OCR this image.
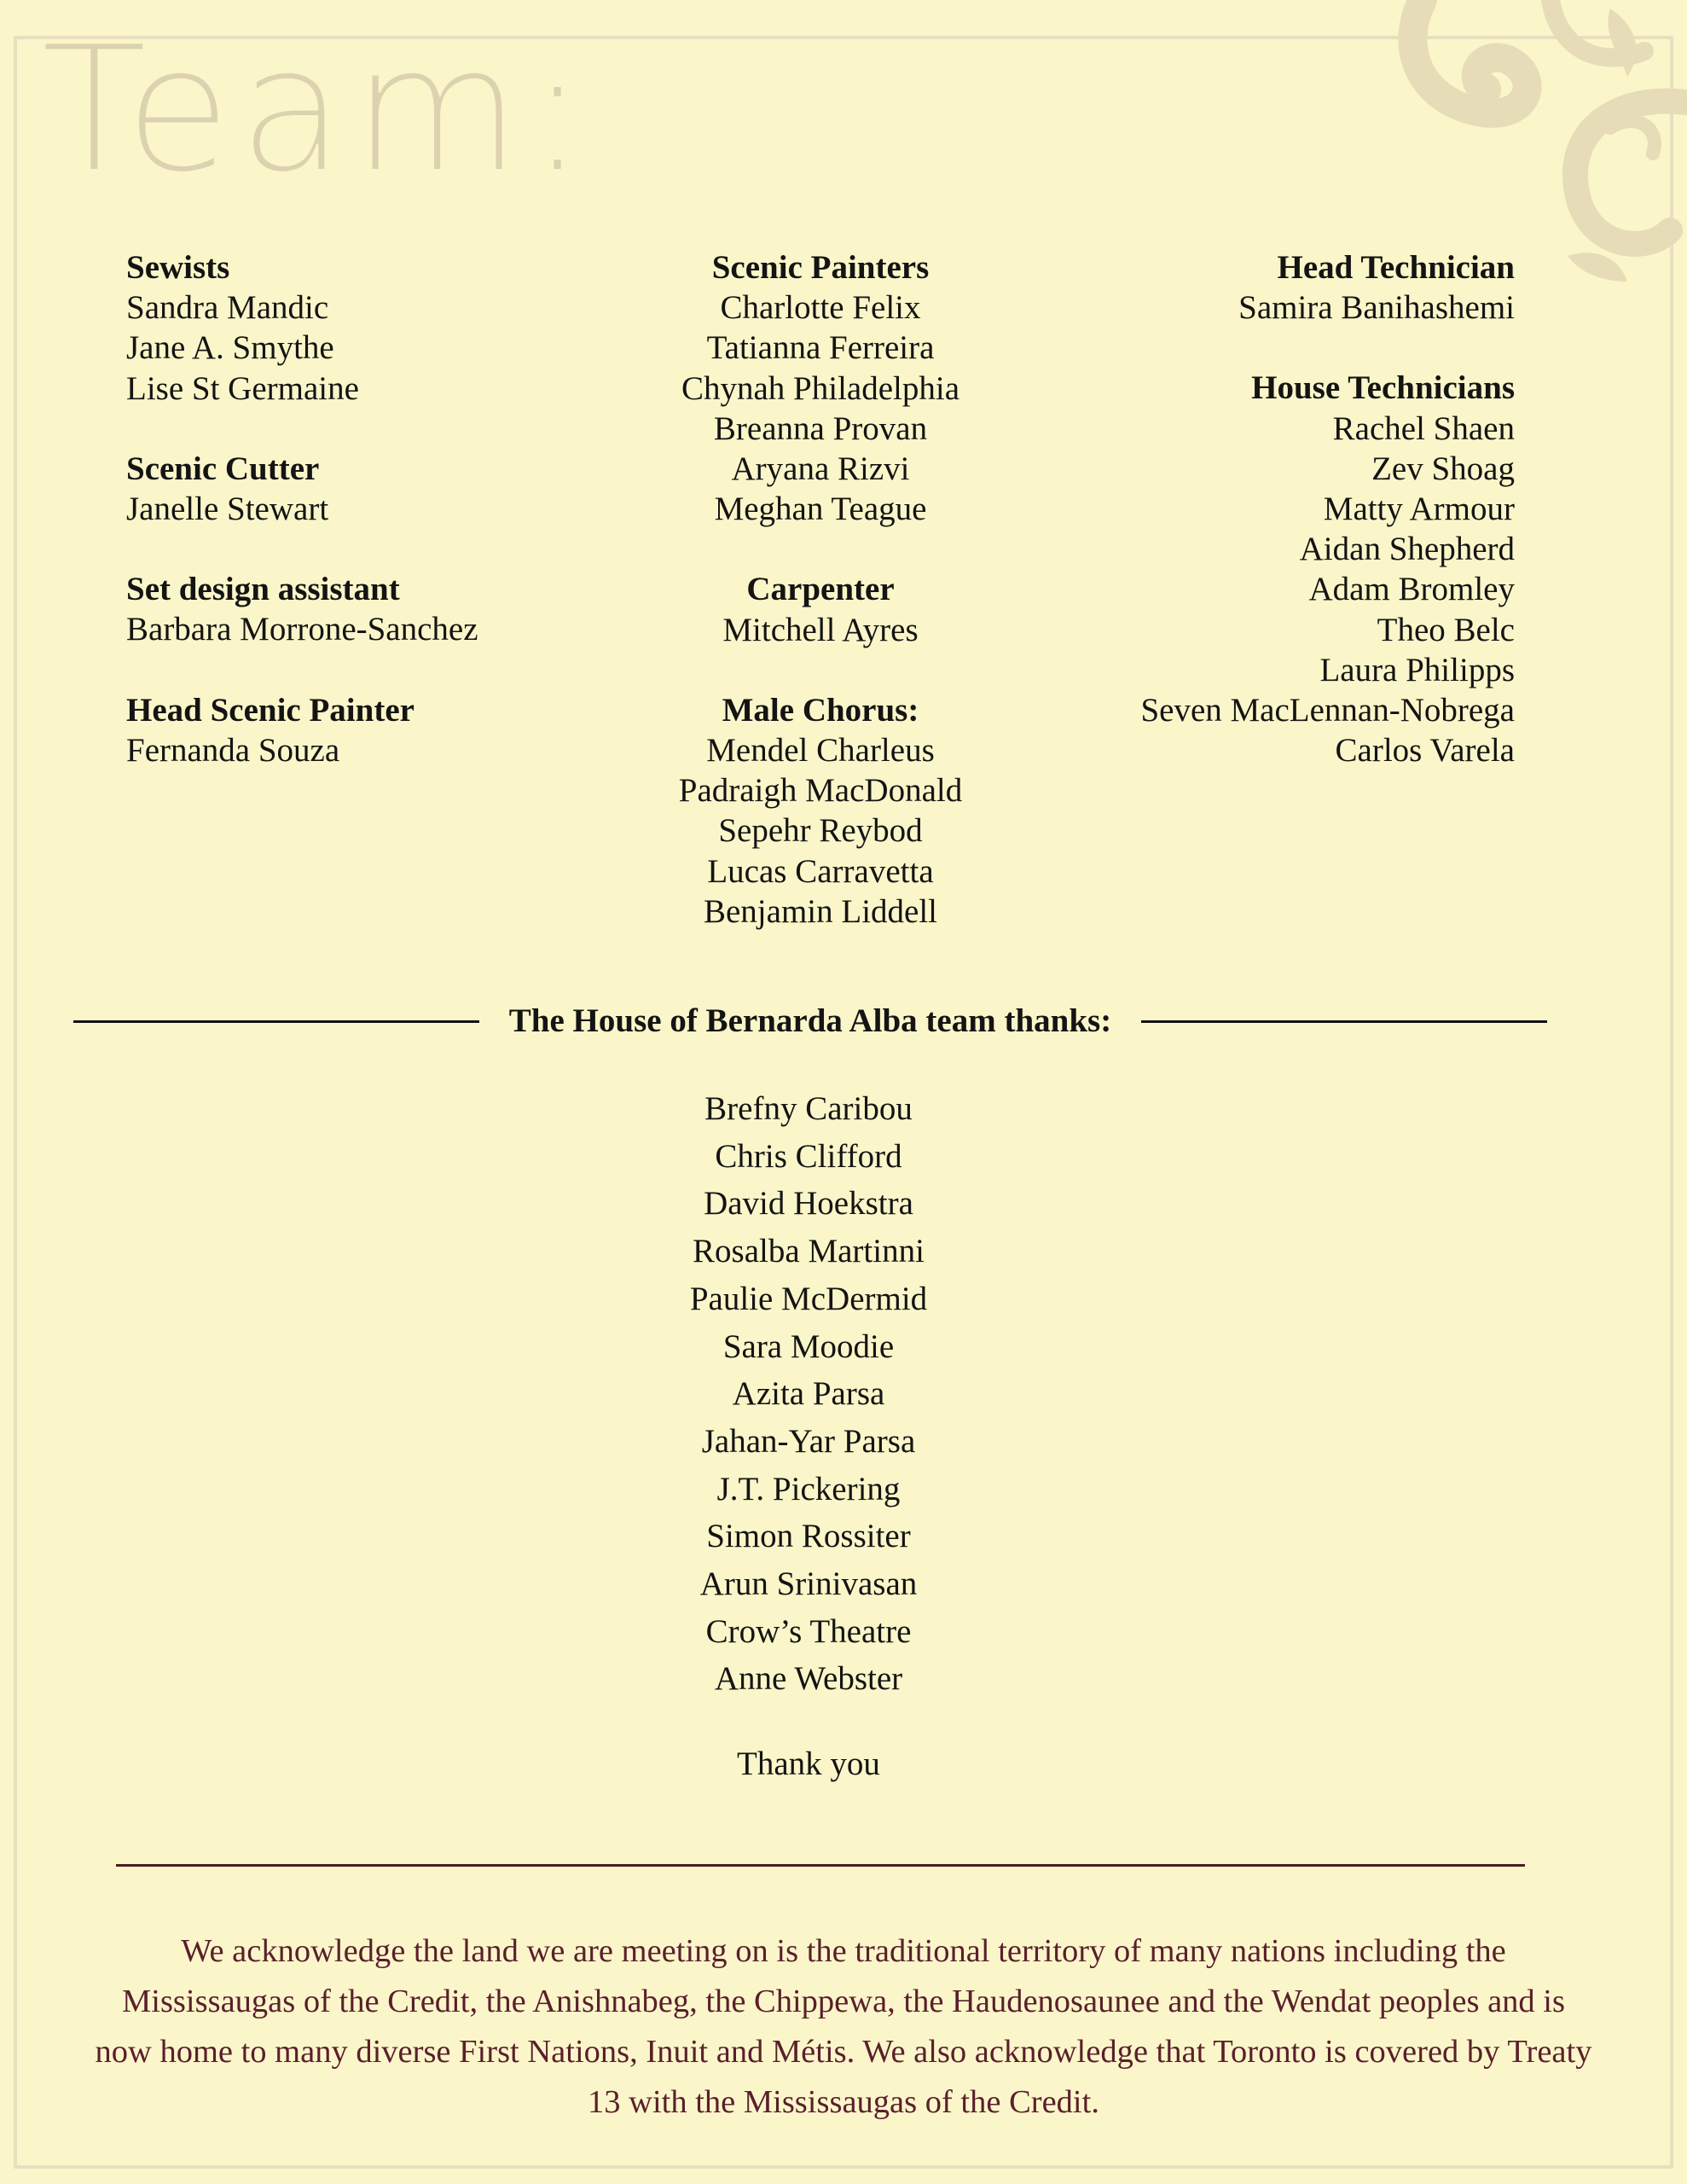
Team:
Sewists
Sandra Mandic
Jane A. Smythe
Lise St Germaine
Scenic Cutter
Janelle Stewart
Set design assistant
Barbara Morrone-Sanchez
Head Scenic Painter
Fernanda Souza
Scenic Painters
Charlotte Felix
Tatianna Ferreira
Chynah Philadelphia
Breanna Provan
Aryana Rizvi
Meghan Teague
Carpenter
Mitchell Ayres
Male Chorus:
Mendel Charleus
Padraigh MacDonald
Sepehr Reybod
Lucas Carravetta
Benjamin Liddell
Head Technician
Samira Banihashemi
House Technicians
Rachel Shaen
Zev Shoag
Matty Armour
Aidan Shepherd
Adam Bromley
Theo Belc
Laura Philipps
Seven MacLennan-Nobrega
Carlos Varela
The House of Bernarda Alba team thanks:
Brefny Caribou
Chris Clifford
David Hoekstra
Rosalba Martinni
Paulie McDermid
Sara Moodie
Azita Parsa
Jahan-Yar Parsa
J.T. Pickering
Simon Rossiter
Arun Srinivasan
Crow’s Theatre
Anne Webster
Thank you
We acknowledge the land we are meeting on is the traditional territory of many nations including the Mississaugas of the Credit, the Anishnabeg, the Chippewa, the Haudenosaunee and the Wendat peoples and is now home to many diverse First Nations, Inuit and Métis. We also acknowledge that Toronto is covered by Treaty 13 with the Mississaugas of the Credit.
